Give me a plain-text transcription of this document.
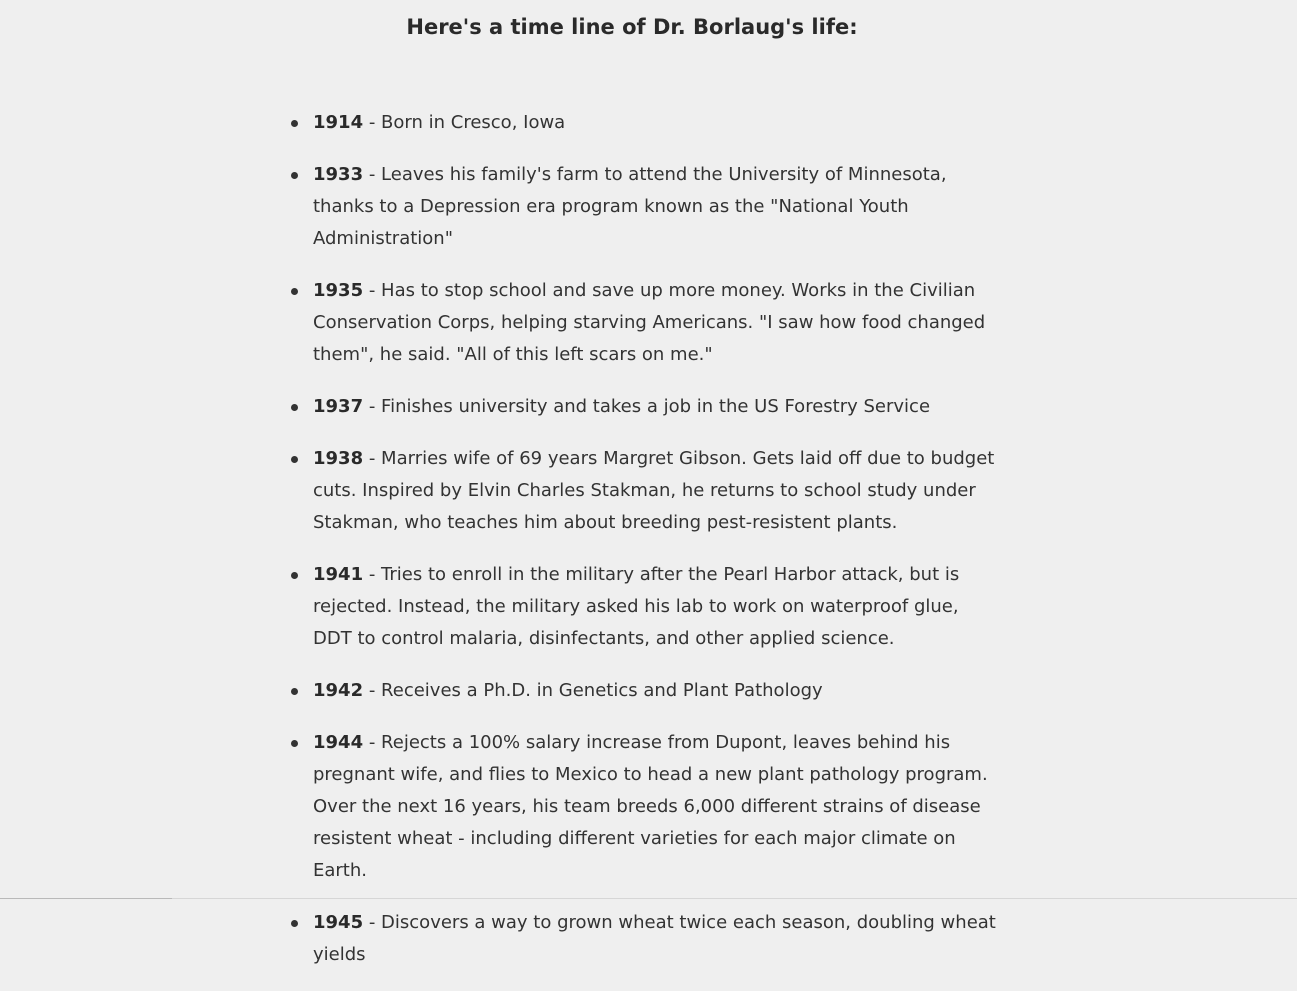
Here's a time line of Dr. Borlaug's life:
1914 - Born in Cresco, Iowa
1933 - Leaves his family's farm to attend the University of Minnesota, thanks to a Depression era program known as the "National Youth Administration"
1935 - Has to stop school and save up more money. Works in the Civilian Conservation Corps, helping starving Americans. "I saw how food changed them", he said. "All of this left scars on me."
1937 - Finishes university and takes a job in the US Forestry Service
1938 - Marries wife of 69 years Margret Gibson. Gets laid off due to budget cuts. Inspired by Elvin Charles Stakman, he returns to school study under Stakman, who teaches him about breeding pest-resistent plants.
1941 - Tries to enroll in the military after the Pearl Harbor attack, but is rejected. Instead, the military asked his lab to work on waterproof glue, DDT to control malaria, disinfectants, and other applied science.
1942 - Receives a Ph.D. in Genetics and Plant Pathology
1944 - Rejects a 100% salary increase from Dupont, leaves behind his pregnant wife, and flies to Mexico to head a new plant pathology program. Over the next 16 years, his team breeds 6,000 different strains of disease resistent wheat - including different varieties for each major climate on Earth.
1945 - Discovers a way to grown wheat twice each season, doubling wheat yields
